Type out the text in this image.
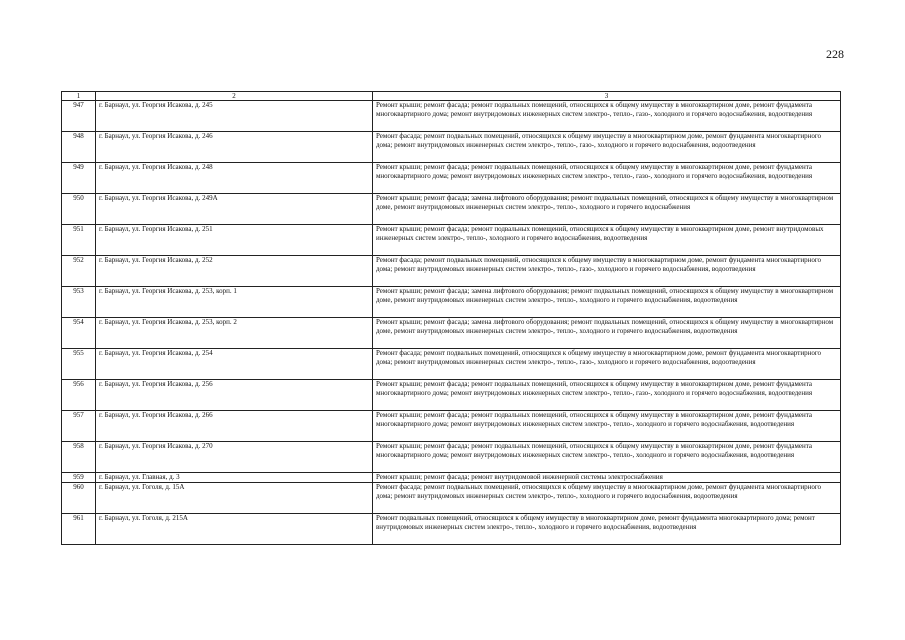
228
1	2	3
947	г. Барнаул, ул. Георгия Исакова, д. 245	Ремонт крыши; ремонт фасада; ремонт подвальных помещений, относящихся к общему имуществу в многоквартирном доме, ремонт фундамента многоквартирного дома; ремонт внутридомовых инженерных систем электро-, тепло-, газо-, холодного и горячего водоснабжения, водоотведения
948	г. Барнаул, ул. Георгия Исакова, д. 246	Ремонт фасада; ремонт подвальных помещений, относящихся к общему имуществу в многоквартирном доме, ремонт фундамента многоквартирного дома; ремонт внутридомовых инженерных систем электро-, тепло-, газо-, холодного и горячего водоснабжения, водоотведения
949	г. Барнаул, ул. Георгия Исакова, д. 248	Ремонт крыши; ремонт фасада; ремонт подвальных помещений, относящихся к общему имуществу в многоквартирном доме, ремонт фундамента многоквартирного дома; ремонт внутридомовых инженерных систем электро-, тепло-, газо-, холодного и горячего водоснабжения, водоотведения
950	г. Барнаул, ул. Георгия Исакова, д. 249А	Ремонт крыши; ремонт фасада; замена лифтового оборудования; ремонт подвальных помещений, относящихся к общему имуществу в многоквартирном доме, ремонт внутридомовых инженерных систем электро-, тепло-, холодного и горячего водоснабжения
951	г. Барнаул, ул. Георгия Исакова, д. 251	Ремонт крыши; ремонт фасада; ремонт подвальных помещений, относящихся к общему имуществу в многоквартирном доме, ремонт внутридомовых инженерных систем электро-, тепло-, холодного и горячего водоснабжения, водоотведения
952	г. Барнаул, ул. Георгия Исакова, д. 252	Ремонт фасада; ремонт подвальных помещений, относящихся к общему имуществу в многоквартирном доме, ремонт фундамента многоквартирного дома; ремонт внутридомовых инженерных систем электро-, тепло-, газо-, холодного и горячего водоснабжения, водоотведения
953	г. Барнаул, ул. Георгия Исакова, д. 253, корп. 1	Ремонт крыши; ремонт фасада; замена лифтового оборудования; ремонт подвальных помещений, относящихся к общему имуществу в многоквартирном доме, ремонт внутридомовых инженерных систем электро-, тепло-, холодного и горячего водоснабжения, водоотведения
954	г. Барнаул, ул. Георгия Исакова, д. 253, корп. 2	Ремонт крыши; ремонт фасада; замена лифтового оборудования; ремонт подвальных помещений, относящихся к общему имуществу в многоквартирном доме, ремонт внутридомовых инженерных систем электро-, тепло-, холодного и горячего водоснабжения, водоотведения
955	г. Барнаул, ул. Георгия Исакова, д. 254	Ремонт фасада; ремонт подвальных помещений, относящихся к общему имуществу в многоквартирном доме, ремонт фундамента многоквартирного дома; ремонт внутридомовых инженерных систем электро-, тепло-, газо-, холодного и горячего водоснабжения, водоотведения
956	г. Барнаул, ул. Георгия Исакова, д. 256	Ремонт крыши; ремонт фасада; ремонт подвальных помещений, относящихся к общему имуществу в многоквартирном доме, ремонт фундамента многоквартирного дома; ремонт внутридомовых инженерных систем электро-, тепло-, газо-, холодного и горячего водоснабжения, водоотведения
957	г. Барнаул, ул. Георгия Исакова, д. 266	Ремонт крыши; ремонт фасада; ремонт подвальных помещений, относящихся к общему имуществу в многоквартирном доме, ремонт фундамента многоквартирного дома; ремонт внутридомовых инженерных систем электро-, тепло-, холодного и горячего водоснабжения, водоотведения
958	г. Барнаул, ул. Георгия Исакова, д. 270	Ремонт крыши; ремонт фасада; ремонт подвальных помещений, относящихся к общему имуществу в многоквартирном доме, ремонт фундамента многоквартирного дома; ремонт внутридомовых инженерных систем электро-, тепло-, холодного и горячего водоснабжения, водоотведения
959	г. Барнаул, ул. Главная, д. 3	Ремонт крыши; ремонт фасада; ремонт внутридомовой инженерной системы электроснабжения
960	г. Барнаул, ул. Гоголя, д. 15А	Ремонт фасада; ремонт подвальных помещений, относящихся к общему имуществу в многоквартирном доме, ремонт фундамента многоквартирного дома; ремонт внутридомовых инженерных систем электро-, тепло-, холодного и горячего водоснабжения, водоотведения
961	г. Барнаул, ул. Гоголя, д. 215А	Ремонт подвальных помещений, относящихся к общему имуществу в многоквартирном доме, ремонт фундамента многоквартирного дома; ремонт внутридомовых инженерных систем электро-, тепло-, холодного и горячего водоснабжения, водоотведения
